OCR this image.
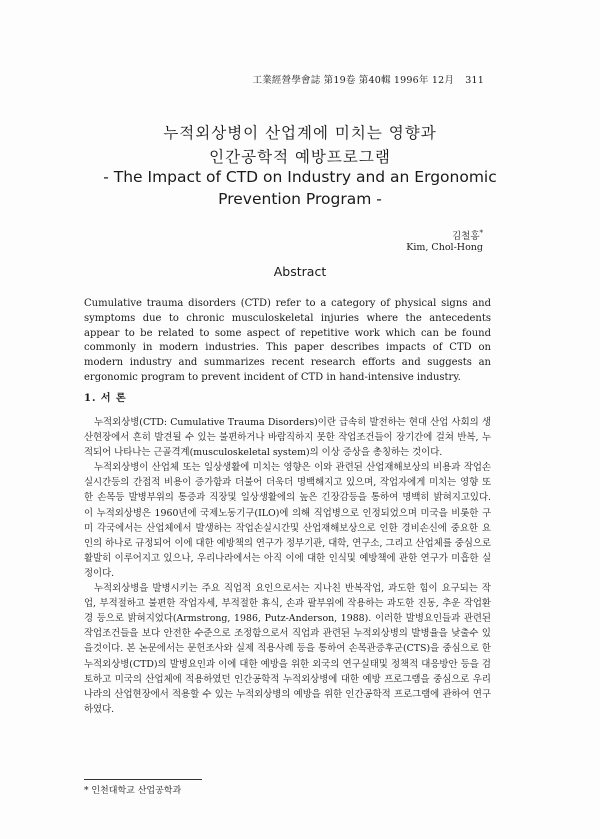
工業經營學會誌 第19卷 第40輯 1996年 12月 311
누적외상병이 산업계에 미치는 영향과
인간공학적 예방프로그램
- The Impact of CTD on Industry and an Ergonomic
Prevention Program -
김철홍*
Kim, Chol-Hong
Abstract
Cumulative trauma disorders (CTD) refer to a category of physical signs and symptoms due to chronic musculoskeletal injuries where the antecedents appear to be related to some aspect of repetitive work which can be found commonly in modern industries. This paper describes impacts of CTD on modern industry and summarizes recent research efforts and suggests an ergonomic program to prevent incident of CTD in hand-intensive industry.
1. 서 론

누적외상병(CTD: Cumulative Trauma Disorders)이란 급속히 발전하는 현대 산업 사회의 생산현장에서 흔히 발견될 수 있는 불편하거나 바람직하지 못한 작업조건들이 장기간에 걸쳐 반복, 누적되어 나타나는 근골격계(musculoskeletal system)의 이상 증상을 총칭하는 것이다.

누적외상병이 산업체 또는 일상생활에 미치는 영향은 이와 관련된 산업재해보상의 비용과 작업손실시간등의 간접적 비용이 증가함과 더불어 더욱더 명백해지고 있으며, 작업자에게 미치는 영향 또한 손목등 발병부위의 통증과 직장및 일상생활에의 높은 긴장감등을 통하여 명백히 밝혀지고있다. 이 누적외상병은 1960년에 국제노동기구(ILO)에 의해 직업병으로 인정되었으며 미국을 비롯한 구미 각국에서는 산업체에서 발생하는 작업손실시간및 산업재해보상으로 인한 경비손신에 중요한 요인의 하나로 규정되어 이에 대한 예방책의 연구가 정부기관, 대학, 연구소, 그리고 산업체를 중심으로 활발히 이루어지고 있으나, 우리나라에서는 아직 이에 대한 인식및 예방책에 관한 연구가 미흡한 실정이다.

누적외상병을 발병시키는 주요 직업적 요인으로서는 지나친 반복작업, 과도한 힘이 요구되는 작업, 부적절하고 불편한 작업자세, 부적절한 휴식, 손과 팔부위에 작용하는 과도한 진동, 추운 작업환경 등으로 밝혀지었다(Armstrong, 1986, Putz-Anderson, 1988). 이러한 발병요인들과 관련된 작업조건들을 보다 안전한 수준으로 조정함으로서 직업과 관련된 누적외상병의 발병율을 낮출수 있을것이다. 본 논문에서는 문헌조사와 실제 적용사례 등을 통하여 손목관증후군(CTS)을 중심으로 한 누적외상병(CTD)의 발병요인과 이에 대한 예방을 위한 외국의 연구실태및 정책적 대응방안 등을 검토하고 미국의 산업체에 적용하였던 인간공학적 누적외상병에 대한 예방 프로그램을 중심으로 우리나라의 산업현장에서 적용할 수 있는 누적외상병의 예방을 위한 인간공학적 프로그램에 관하여 연구하였다.

* 인천대학교 산업공학과
